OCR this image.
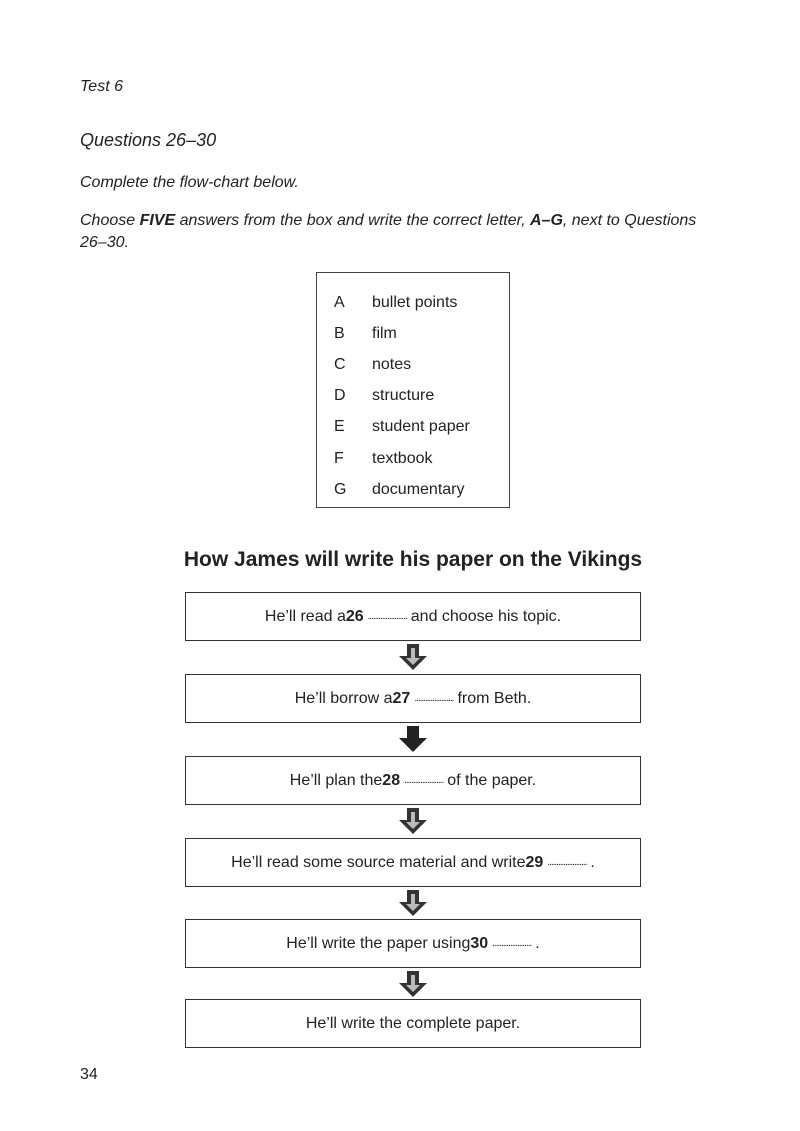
Test 6
Questions 26–30
Complete the flow-chart below.
Choose FIVE answers from the box and write the correct letter, A–G, next to Questions 26–30.
A	bullet points
B	film
C	notes
D	structure
E	student paper
F	textbook
G	documentary
How James will write his paper on the Vikings
He’ll read a 26 ...................... and choose his topic.
He’ll borrow a 27 ...................... from Beth.
He’ll plan the 28 ...................... of the paper.
He’ll read some source material and write 29 ...................... .
He’ll write the paper using 30 ...................... .
He’ll write the complete paper.
34
